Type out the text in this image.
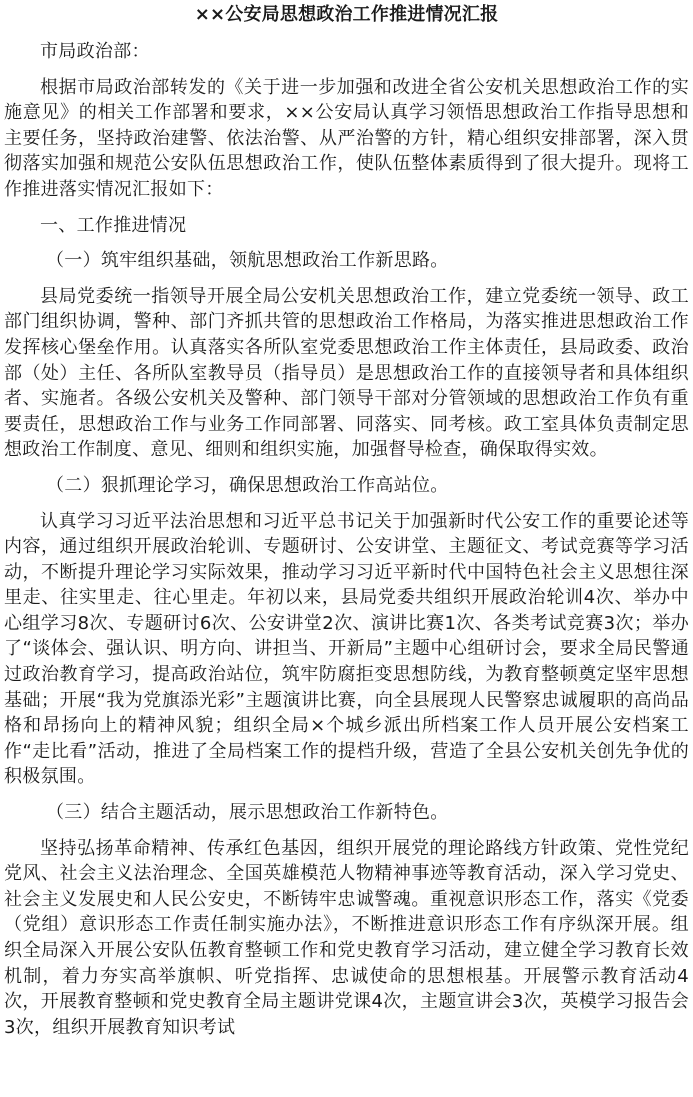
××公安局思想政治工作推进情况汇报

市局政治部：

根据市局政治部转发的《关于进一步加强和改进全省公安机关思想政治工作的实施意见》的相关工作部署和要求，××公安局认真学习领悟思想政治工作指导思想和主要任务，坚持政治建警、依法治警、从严治警的方针，精心组织安排部署，深入贯彻落实加强和规范公安队伍思想政治工作，使队伍整体素质得到了很大提升。现将工作推进落实情况汇报如下：

一、工作推进情况

（一）筑牢组织基础，领航思想政治工作新思路。

县局党委统一指领导开展全局公安机关思想政治工作，建立党委统一领导、政工部门组织协调，警种、部门齐抓共管的思想政治工作格局，为落实推进思想政治工作发挥核心堡垒作用。认真落实各所队室党委思想政治工作主体责任，县局政委、政治部（处）主任、各所队室教导员（指导员）是思想政治工作的直接领导者和具体组织者、实施者。各级公安机关及警种、部门领导干部对分管领域的思想政治工作负有重要责任，思想政治工作与业务工作同部署、同落实、同考核。政工室具体负责制定思想政治工作制度、意见、细则和组织实施，加强督导检查，确保取得实效。

（二）狠抓理论学习，确保思想政治工作高站位。

认真学习习近平法治思想和习近平总书记关于加强新时代公安工作的重要论述等内容，通过组织开展政治轮训、专题研讨、公安讲堂、主题征文、考试竞赛等学习活动，不断提升理论学习实际效果，推动学习习近平新时代中国特色社会主义思想往深里走、往实里走、往心里走。年初以来，县局党委共组织开展政治轮训4次、举办中心组学习8次、专题研讨6次、公安讲堂2次、演讲比赛1次、各类考试竞赛3次；举办了“谈体会、强认识、明方向、讲担当、开新局”主题中心组研讨会，要求全局民警通过政治教育学习，提高政治站位，筑牢防腐拒变思想防线，为教育整顿奠定坚牢思想基础；开展“我为党旗添光彩”主题演讲比赛，向全县展现人民警察忠诚履职的高尚品格和昂扬向上的精神风貌；组织全局×个城乡派出所档案工作人员开展公安档案工作“走比看”活动，推进了全局档案工作的提档升级，营造了全县公安机关创先争优的积极氛围。

（三）结合主题活动，展示思想政治工作新特色。

坚持弘扬革命精神、传承红色基因，组织开展党的理论路线方针政策、党性党纪党风、社会主义法治理念、全国英雄模范人物精神事迹等教育活动，深入学习党史、社会主义发展史和人民公安史，不断铸牢忠诚警魂。重视意识形态工作，落实《党委（党组）意识形态工作责任制实施办法》，不断推进意识形态工作有序纵深开展。组织全局深入开展公安队伍教育整顿工作和党史教育学习活动，建立健全学习教育长效机制，着力夯实高举旗帜、听党指挥、忠诚使命的思想根基。开展警示教育活动4次，开展教育整顿和党史教育全局主题讲党课4次，主题宣讲会3次，英模学习报告会3次，组织开展教育知识考试
